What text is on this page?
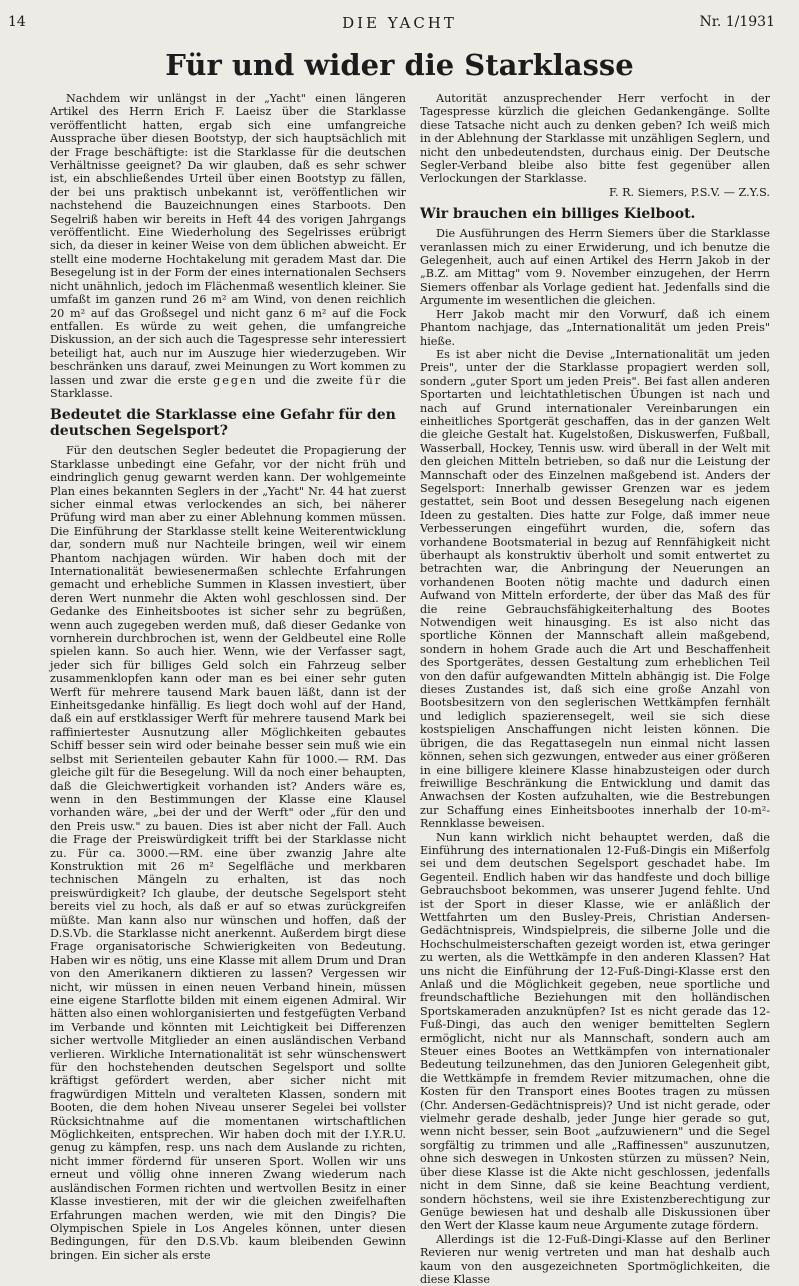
14	DIE YACHT	Nr. 1/1931
Für und wider die Starklasse

Nachdem wir unlängst in der „Yacht" einen längeren Artikel des Herrn Erich F. Laeisz über die Starklasse veröffentlicht hatten, ergab sich eine umfangreiche Aussprache über diesen Bootstyp, der sich hauptsächlich mit der Frage beschäftigte: ist die Starklasse für die deutschen Verhältnisse geeignet? Da wir glauben, daß es sehr schwer ist, ein abschließendes Urteil über einen Bootstyp zu fällen, der bei uns praktisch unbekannt ist, veröffentlichen wir nachstehend die Bauzeichnungen eines Starboots. Den Segelriß haben wir bereits in Heft 44 des vorigen Jahrgangs veröffentlicht. Eine Wiederholung des Segelrisses erübrigt sich, da dieser in keiner Weise von dem üblichen abweicht. Er stellt eine moderne Hochtakelung mit geradem Mast dar. Die Besegelung ist in der Form der eines internationalen Sechsers nicht unähnlich, jedoch im Flächenmaß wesentlich kleiner. Sie umfaßt im ganzen rund 26 m² am Wind, von denen reichlich 20 m² auf das Großsegel und nicht ganz 6 m² auf die Fock entfallen. Es würde zu weit gehen, die umfangreiche Diskussion, an der sich auch die Tagespresse sehr interessiert beteiligt hat, auch nur im Auszuge hier wiederzugeben. Wir beschränken uns darauf, zwei Meinungen zu Wort kommen zu lassen und zwar die erste gegen und die zweite für die Starklasse.

Bedeutet die Starklasse eine Gefahr für den deutschen Segelsport?

Für den deutschen Segler bedeutet die Propagierung der Starklasse unbedingt eine Gefahr, vor der nicht früh und eindringlich genug gewarnt werden kann. Der wohlgemeinte Plan eines bekannten Seglers in der „Yacht" Nr. 44 hat zuerst sicher einmal etwas verlockendes an sich, bei näherer Prüfung wird man aber zu einer Ablehnung kommen müssen. Die Einführung der Starklasse stellt keine Weiterentwicklung dar, sondern muß nur Nachteile bringen, weil wir einem Phantom nachjagen würden. Wir haben doch mit der Internationalität bewiesenermaßen schlechte Erfahrungen gemacht und erhebliche Summen in Klassen investiert, über deren Wert nunmehr die Akten wohl geschlossen sind. Der Gedanke des Einheitsbootes ist sicher sehr zu begrüßen, wenn auch zugegeben werden muß, daß dieser Gedanke von vornherein durchbrochen ist, wenn der Geldbeutel eine Rolle spielen kann. So auch hier. Wenn, wie der Verfasser sagt, jeder sich für billiges Geld solch ein Fahrzeug selber zusammenklopfen kann oder man es bei einer sehr guten Werft für mehrere tausend Mark bauen läßt, dann ist der Einheitsgedanke hinfällig. Es liegt doch wohl auf der Hand, daß ein auf erstklassiger Werft für mehrere tausend Mark bei raffiniertester Ausnutzung aller Möglichkeiten gebautes Schiff besser sein wird oder beinahe besser sein muß wie ein selbst mit Serienteilen gebauter Kahn für 1000.— RM. Das gleiche gilt für die Besegelung. Will da noch einer behaupten, daß die Gleichwertigkeit vorhanden ist? Anders wäre es, wenn in den Bestimmungen der Klasse eine Klausel vorhanden wäre, „bei der und der Werft" oder „für den und den Preis usw." zu bauen. Dies ist aber nicht der Fall. Auch die Frage der Preiswürdigkeit trifft bei der Starklasse nicht zu. Für ca. 3000.—RM. eine über zwanzig Jahre alte Konstruktion mit 26 m² Segelfläche und merkbaren technischen Mängeln zu erhalten, ist das noch preiswürdigkeit? Ich glaube, der deutsche Segelsport steht bereits viel zu hoch, als daß er auf so etwas zurückgreifen müßte. Man kann also nur wünschen und hoffen, daß der D.S.Vb. die Starklasse nicht anerkennt. Außerdem birgt diese Frage organisatorische Schwierigkeiten von Bedeutung. Haben wir es nötig, uns eine Klasse mit allem Drum und Dran von den Amerikanern diktieren zu lassen? Vergessen wir nicht, wir müssen in einen neuen Verband hinein, müssen eine eigene Starflotte bilden mit einem eigenen Admiral. Wir hätten also einen wohlorganisierten und festgefügten Verband im Verbande und könnten mit Leichtigkeit bei Differenzen sicher wertvolle Mitglieder an einen ausländischen Verband verlieren. Wirkliche Internationalität ist sehr wünschenswert für den hochstehenden deutschen Segelsport und sollte kräftigst gefördert werden, aber sicher nicht mit fragwürdigen Mitteln und veralteten Klassen, sondern mit Booten, die dem hohen Niveau unserer Segelei bei vollster Rücksichtnahme auf die momentanen wirtschaftlichen Möglichkeiten, entsprechen. Wir haben doch mit der I.Y.R.U. genug zu kämpfen, resp. uns nach dem Auslande zu richten, nicht immer fördernd für unseren Sport. Wollen wir uns erneut und völlig ohne inneren Zwang wiederum nach ausländischen Formen richten und wertvollen Besitz in einer Klasse investieren, mit der wir die gleichen zweifelhaften Erfahrungen machen werden, wie mit den Dingis? Die Olympischen Spiele in Los Angeles können, unter diesen Bedingungen, für den D.S.Vb. kaum bleibenden Gewinn bringen. Ein sicher als erste

Autorität anzusprechender Herr verfocht in der Tagespresse kürzlich die gleichen Gedankengänge. Sollte diese Tatsache nicht auch zu denken geben? Ich weiß mich in der Ablehnung der Starklasse mit unzähligen Seglern, und nicht den unbedeutendsten, durchaus einig. Der Deutsche Segler-Verband bleibe also bitte fest gegenüber allen Verlockungen der Starklasse.

F. R. Siemers, P.S.V. — Z.Y.S.
Wir brauchen ein billiges Kielboot.

Die Ausführungen des Herrn Siemers über die Starklasse veranlassen mich zu einer Erwiderung, und ich benutze die Gelegenheit, auch auf einen Artikel des Herrn Jakob in der „B.Z. am Mittag" vom 9. November einzugehen, der Herrn Siemers offenbar als Vorlage gedient hat. Jedenfalls sind die Argumente im wesentlichen die gleichen.

Herr Jakob macht mir den Vorwurf, daß ich einem Phantom nachjage, das „Internationalität um jeden Preis" hieße.

Es ist aber nicht die Devise „Internationalität um jeden Preis", unter der die Starklasse propagiert werden soll, sondern „guter Sport um jeden Preis". Bei fast allen anderen Sportarten und leichtathletischen Übungen ist nach und nach auf Grund internationaler Vereinbarungen ein einheitliches Sportgerät geschaffen, das in der ganzen Welt die gleiche Gestalt hat. Kugelstoßen, Diskuswerfen, Fußball, Wasserball, Hockey, Tennis usw. wird überall in der Welt mit den gleichen Mitteln betrieben, so daß nur die Leistung der Mannschaft oder des Einzelnen maßgebend ist. Anders der Segelsport: Innerhalb gewisser Grenzen war es jedem gestattet, sein Boot und dessen Besegelung nach eigenen Ideen zu gestalten. Dies hatte zur Folge, daß immer neue Verbesserungen eingeführt wurden, die, sofern das vorhandene Bootsmaterial in bezug auf Rennfähigkeit nicht überhaupt als konstruktiv überholt und somit entwertet zu betrachten war, die Anbringung der Neuerungen an vorhandenen Booten nötig machte und dadurch einen Aufwand von Mitteln erforderte, der über das Maß des für die reine Gebrauchsfähigkeiterhaltung des Bootes Notwendigen weit hinausging. Es ist also nicht das sportliche Können der Mannschaft allein maßgebend, sondern in hohem Grade auch die Art und Beschaffenheit des Sportgerätes, dessen Gestaltung zum erheblichen Teil von den dafür aufgewandten Mitteln abhängig ist. Die Folge dieses Zustandes ist, daß sich eine große Anzahl von Bootsbesitzern von den seglerischen Wettkämpfen fernhält und lediglich spazierensegelt, weil sie sich diese kostspieligen Anschaffungen nicht leisten können. Die übrigen, die das Regattasegeln nun einmal nicht lassen können, sehen sich gezwungen, entweder aus einer größeren in eine billigere kleinere Klasse hinabzusteigen oder durch freiwillige Beschränkung die Entwicklung und damit das Anwachsen der Kosten aufzuhalten, wie die Bestrebungen zur Schaffung eines Einheitsbootes innerhalb der 10-m²-Rennklasse beweisen.

Nun kann wirklich nicht behauptet werden, daß die Einführung des internationalen 12-Fuß-Dingis ein Mißerfolg sei und dem deutschen Segelsport geschadet habe. Im Gegenteil. Endlich haben wir das handfeste und doch billige Gebrauchsboot bekommen, was unserer Jugend fehlte. Und ist der Sport in dieser Klasse, wie er anläßlich der Wettfahrten um den Busley-Preis, Christian Andersen-Gedächtnispreis, Windspielpreis, die silberne Jolle und die Hochschulmeisterschaften gezeigt worden ist, etwa geringer zu werten, als die Wettkämpfe in den anderen Klassen? Hat uns nicht die Einführung der 12-Fuß-Dingi-Klasse erst den Anlaß und die Möglichkeit gegeben, neue sportliche und freundschaftliche Beziehungen mit den holländischen Sportskameraden anzuknüpfen? Ist es nicht gerade das 12-Fuß-Dingi, das auch den weniger bemittelten Seglern ermöglicht, nicht nur als Mannschaft, sondern auch am Steuer eines Bootes an Wettkämpfen von internationaler Bedeutung teilzunehmen, das den Junioren Gelegenheit gibt, die Wettkämpfe in fremdem Revier mitzumachen, ohne die Kosten für den Transport eines Bootes tragen zu müssen (Chr. Andersen-Gedächtnispreis)? Und ist nicht gerade, oder vielmehr gerade deshalb, jeder Junge hier gerade so gut, wenn nicht besser, sein Boot „aufzuwienern" und die Segel sorgfältig zu trimmen und alle „Raffinessen" auszunutzen, ohne sich deswegen in Unkosten stürzen zu müssen? Nein, über diese Klasse ist die Akte nicht geschlossen, jedenfalls nicht in dem Sinne, daß sie keine Beachtung verdient, sondern höchstens, weil sie ihre Existenzberechtigung zur Genüge bewiesen hat und deshalb alle Diskussionen über den Wert der Klasse kaum neue Argumente zutage fördern.

Allerdings ist die 12-Fuß-Dingi-Klasse auf den Berliner Revieren nur wenig vertreten und man hat deshalb auch kaum von den ausgezeichneten Sportmöglichkeiten, die diese Klasse
